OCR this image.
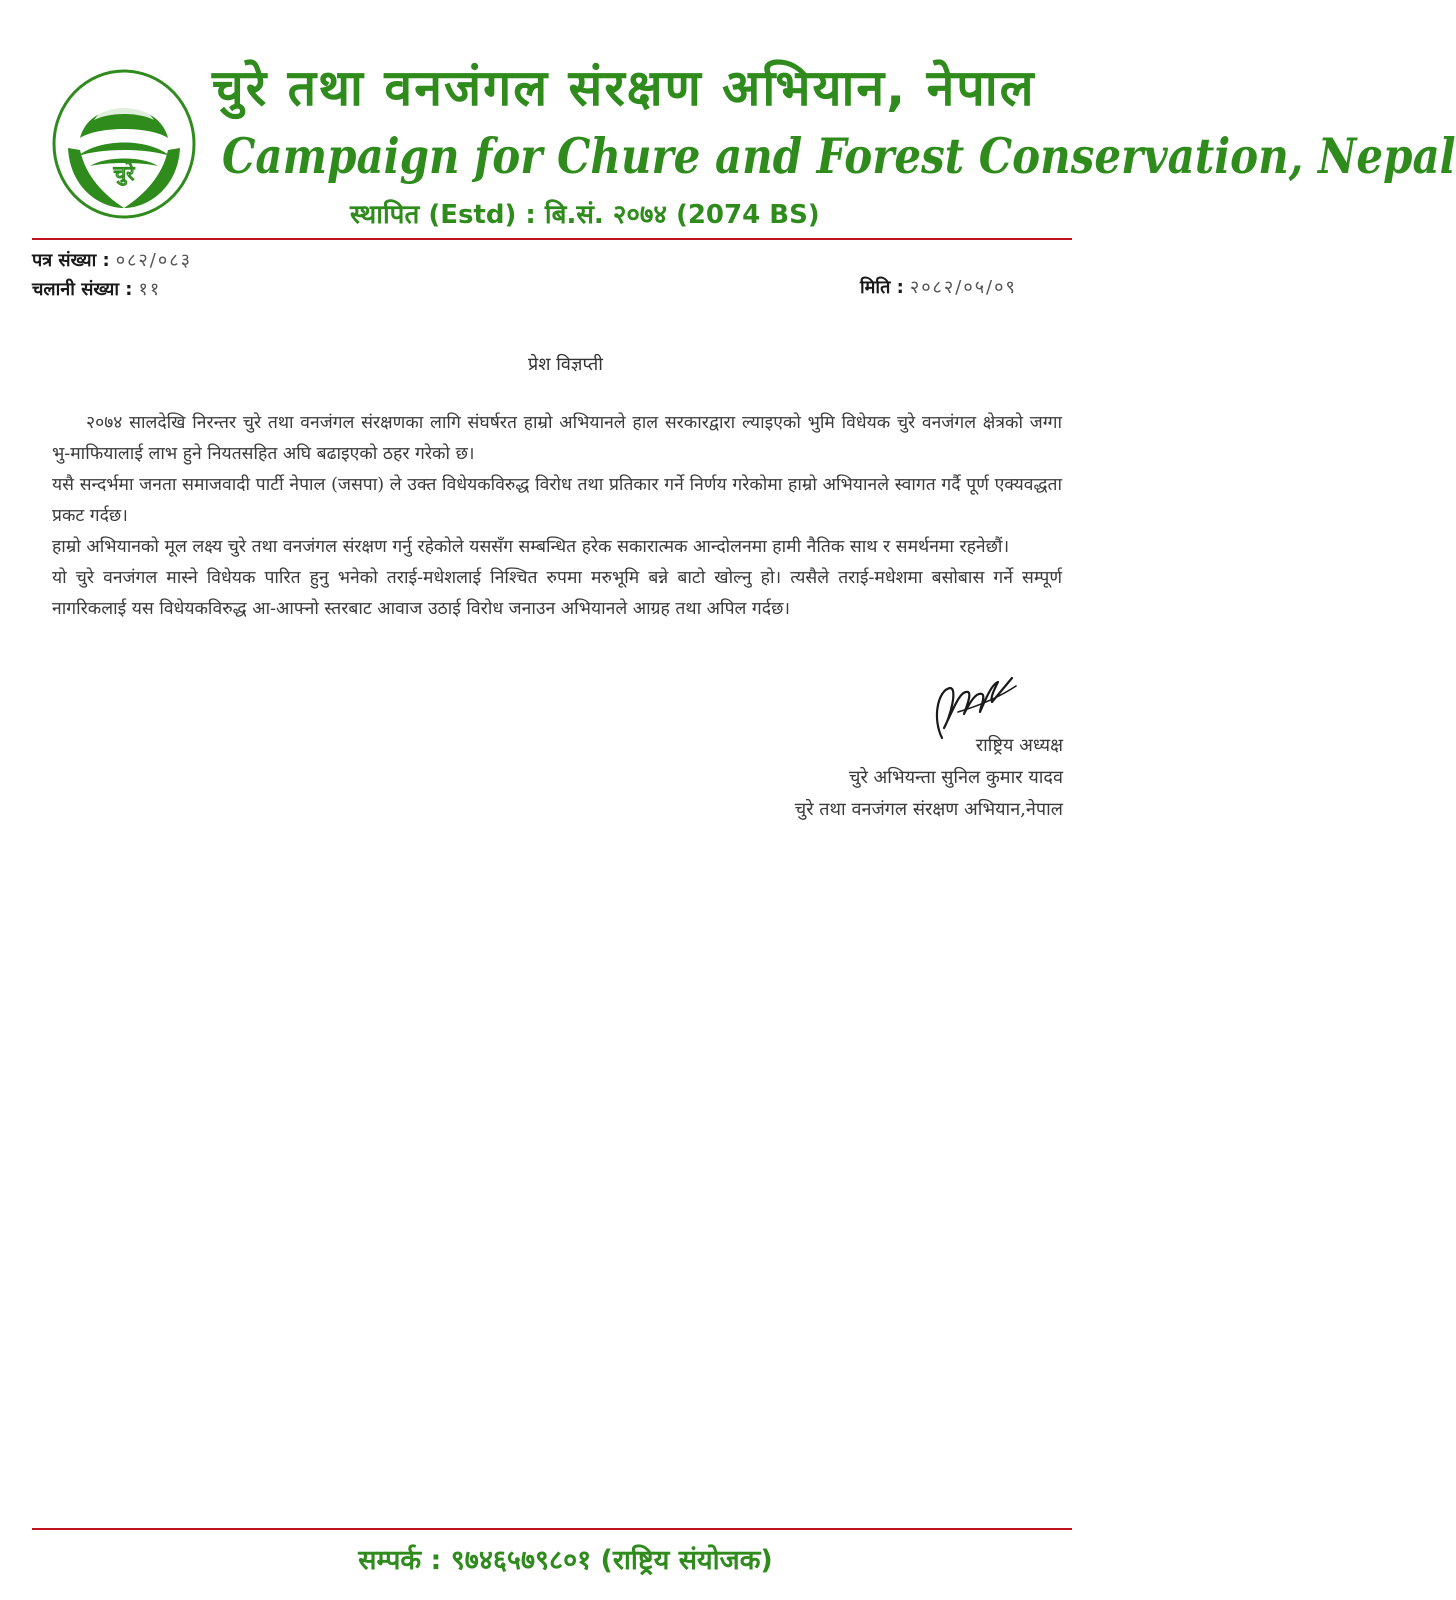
चुरे
चुरे तथा वनजंगल संरक्षण अभियान, नेपाल
Campaign for Chure and Forest Conservation, Nepal
स्थापित (Estd) : बि.सं. २०७४ (2074 BS)
पत्र संख्या : ०८२/०८३
चलानी संख्या : ११	मिति : २०८२/०५/०९
प्रेश विज्ञप्ती

२०७४ सालदेखि निरन्तर चुरे तथा वनजंगल संरक्षणका लागि संघर्षरत हाम्रो अभियानले हाल सरकारद्वारा ल्याइएको भुमि विधेयक चुरे वनजंगल क्षेत्रको जग्गा भु-माफियालाई लाभ हुने नियतसहित अघि बढाइएको ठहर गरेको छ।

यसै सन्दर्भमा जनता समाजवादी पार्टी नेपाल (जसपा) ले उक्त विधेयकविरुद्ध विरोध तथा प्रतिकार गर्ने निर्णय गरेकोमा हाम्रो अभियानले स्वागत गर्दै पूर्ण एक्यवद्धता प्रकट गर्दछ।

हाम्रो अभियानको मूल लक्ष्य चुरे तथा वनजंगल संरक्षण गर्नु रहेकोले यससँग सम्बन्धित हरेक सकारात्मक आन्दोलनमा हामी नैतिक साथ र समर्थनमा रहनेछौं।

यो चुरे वनजंगल मास्ने विधेयक पारित हुनु भनेको तराई-मधेशलाई निश्चित रुपमा मरुभूमि बन्ने बाटो खोल्नु हो। त्यसैले तराई-मधेशमा बसोबास गर्ने सम्पूर्ण नागरिकलाई यस विधेयकविरुद्ध आ-आफ्नो स्तरबाट आवाज उठाई विरोध जनाउन अभियानले आग्रह तथा अपिल गर्दछ।

राष्ट्रिय अध्यक्ष
चुरे अभियन्ता सुनिल कुमार यादव
चुरे तथा वनजंगल संरक्षण अभियान,नेपाल
सम्पर्क : ९७४६५७९८०१ (राष्ट्रिय संयोजक)
